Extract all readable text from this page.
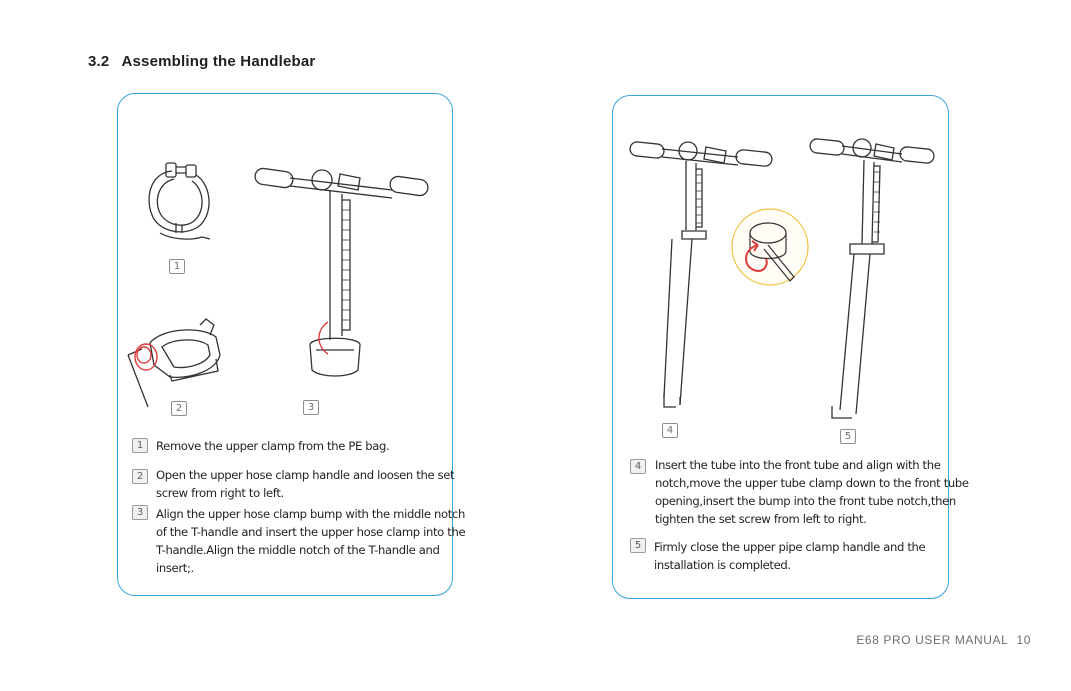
3.2 Assembling the Handlebar
1
2	3
1	Remove the upper clamp from the PE bag.
2	Open the upper hose clamp handle and loosen the set
screw from right to left.
3	Align the upper hose clamp bump with the middle notch
of the T-handle and insert the upper hose clamp into the
T-handle.Align the middle notch of the T-handle and
insert;.
4
5
4	Insert the tube into the front tube and align with the
notch,move the upper tube clamp down to the front tube
opening,insert the bump into the front tube notch,then
tighten the set screw from left to right.
5	Firmly close the upper pipe clamp handle and the
installation is completed.
E68 PRO USER MANUAL 10
